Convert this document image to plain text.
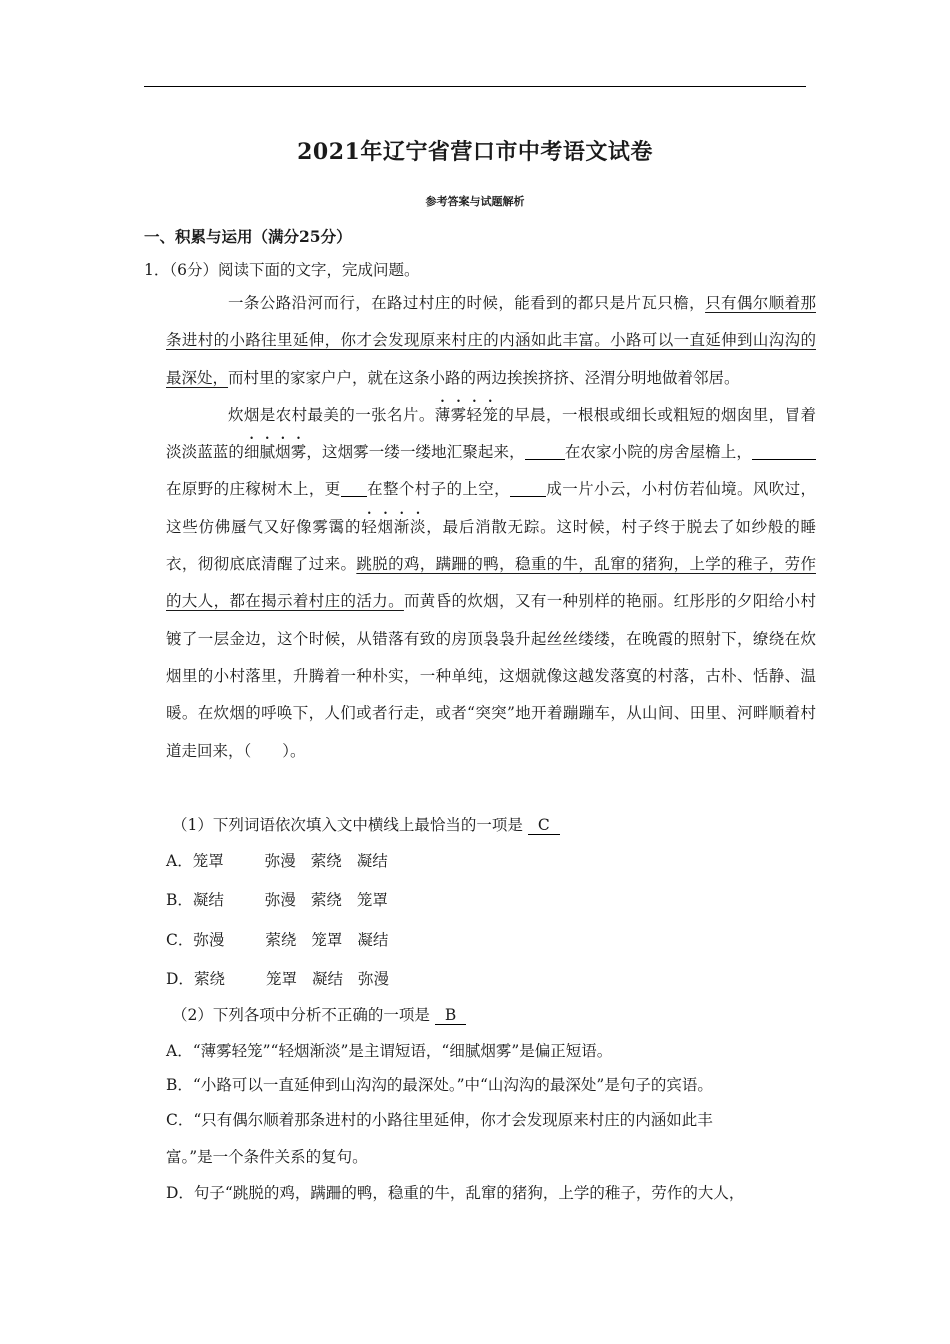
2021年辽宁省营口市中考语文试卷
参考答案与试题解析
一、积累与运用（满分25分）
1．（6分）阅读下面的文字，完成问题。

一条公路沿河而行，在路过村庄的时候，能看到的都只是片瓦只檐，只有偶尔顺着那条进村的小路往里延伸，你才会发现原来村庄的内涵如此丰富。小路可以一直延伸到山沟沟的最深处，而村里的家家户户，就在这条小路的两边挨挨挤挤、泾渭分明地做着邻居。

炊烟是农村最美的一张名片。薄雾轻笼的早晨，一根根或细长或粗短的烟囱里，冒着淡淡蓝蓝的细腻烟雾，这烟雾一缕一缕地汇聚起来，	在农家小院的房舍屋檐上，在原野的庄稼树木上，更 在整个村子的上空， 成一片小云，小村仿若仙境。风吹过，这些仿佛蜃气又好像雾霭的轻烟渐淡，最后消散无踪。这时候，村子终于脱去了如纱般的睡衣，彻彻底底清醒了过来。跳脱的鸡，蹒跚的鸭，稳重的牛，乱窜的猪狗，上学的稚子，劳作的大人，都在揭示着村庄的活力。而黄昏的炊烟，又有一种别样的艳丽。红彤彤的夕阳给小村镀了一层金边，这个时候，从错落有致的房顶袅袅升起丝丝缕缕，在晚霞的照射下，缭绕在炊烟里的小村落里，升腾着一种朴实，一种单纯，这烟就像这越发落寞的村落，古朴、恬静、温暖。在炊烟的呼唤下，人们或者行走，或者“突突”地开着蹦蹦车，从山间、田里、河畔顺着村道走回来，（　　）。

（1）下列词语依次填入文中横线上最恰当的一项是 C
A．笼罩	弥漫 萦绕 凝结
B．凝结	弥漫 萦绕 笼罩
C．弥漫	萦绕 笼罩 凝结
D．萦绕	笼罩 凝结 弥漫
（2）下列各项中分析不正确的一项是 B
A．“薄雾轻笼”“轻烟渐淡”是主谓短语，“细腻烟雾”是偏正短语。
B．“小路可以一直延伸到山沟沟的最深处。”中“山沟沟的最深处”是句子的宾语。
C．“只有偶尔顺着那条进村的小路往里延伸，你才会发现原来村庄的内涵如此丰
富。”是一个条件关系的复句。
D．句子“跳脱的鸡，蹒跚的鸭，稳重的牛，乱窜的猪狗，上学的稚子，劳作的大人，
